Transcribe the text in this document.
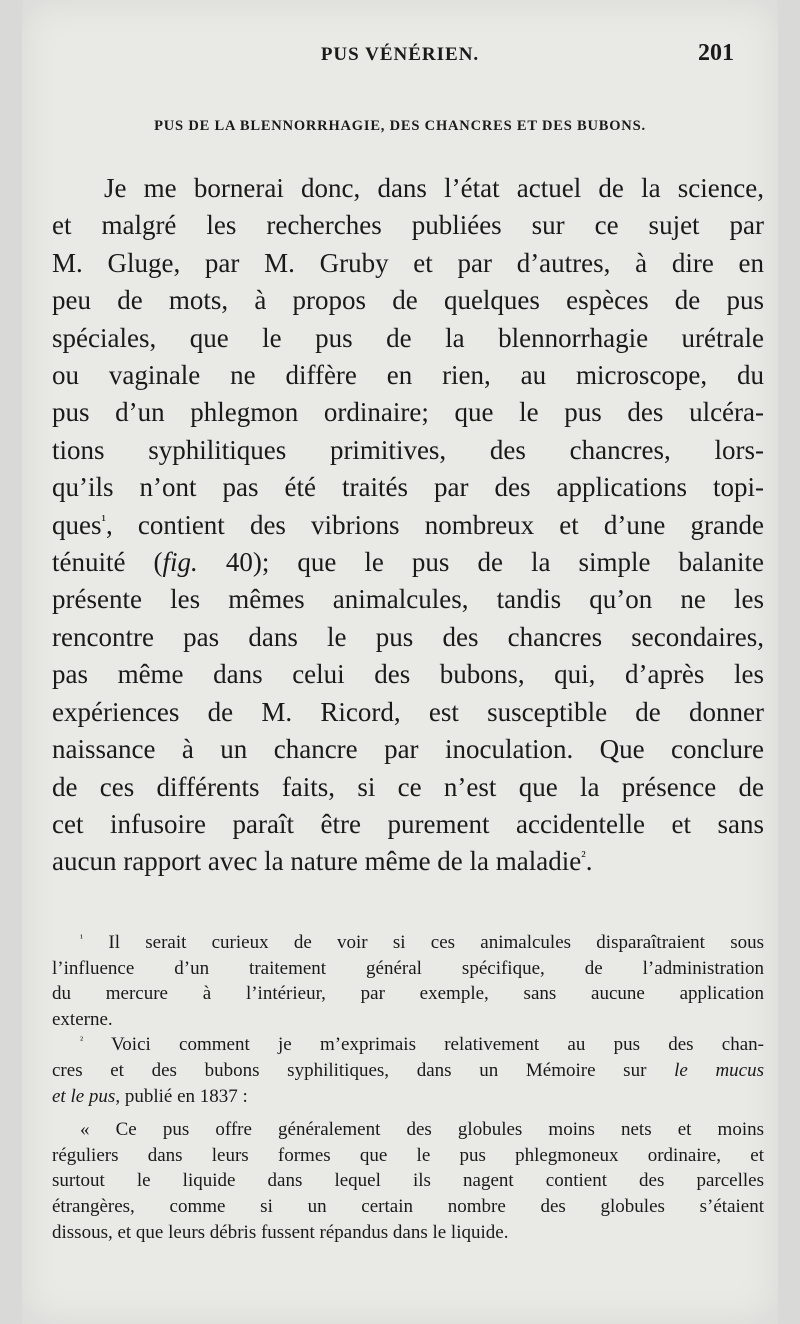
PUS VÉNÉRIEN.	201
PUS DE LA BLENNORRHAGIE, DES CHANCRES ET DES BUBONS.
Je me bornerai donc, dans l’état actuel de la science,
et malgré les recherches publiées sur ce sujet par
M. Gluge, par M. Gruby et par d’autres, à dire en
peu de mots, à propos de quelques espèces de pus
spéciales, que le pus de la blennorrhagie urétrale
ou vaginale ne diffère en rien, au microscope, du
pus d’un phlegmon ordinaire; que le pus des ulcéra-
tions syphilitiques primitives, des chancres, lors-
qu’ils n’ont pas été traités par des applications topi-
ques$^{^1}$, contient des vibrions nombreux et d’une grande
ténuité (fig. 40); que le pus de la simple balanite
présente les mêmes animalcules, tandis qu’on ne les
rencontre pas dans le pus des chancres secondaires,
pas même dans celui des bubons, qui, d’après les
expériences de M. Ricord, est susceptible de donner
naissance à un chancre par inoculation. Que conclure
de ces différents faits, si ce n’est que la présence de
cet infusoire paraît être purement accidentelle et sans
aucun rapport avec la nature même de la maladie$^{^2}$.
$^{^1}$ Il serait curieux de voir si ces animalcules disparaîtraient sous
l’influence d’un traitement général spécifique, de l’administration
du mercure à l’intérieur, par exemple, sans aucune application
externe.
$^{^2}$ Voici comment je m’exprimais relativement au pus des chan-
cres et des bubons syphilitiques, dans un Mémoire sur le mucus
et le pus, publié en 1837 :
« Ce pus offre généralement des globules moins nets et moins
réguliers dans leurs formes que le pus phlegmoneux ordinaire, et
surtout le liquide dans lequel ils nagent contient des parcelles
étrangères, comme si un certain nombre des globules s’étaient
dissous, et que leurs débris fussent répandus dans le liquide.
